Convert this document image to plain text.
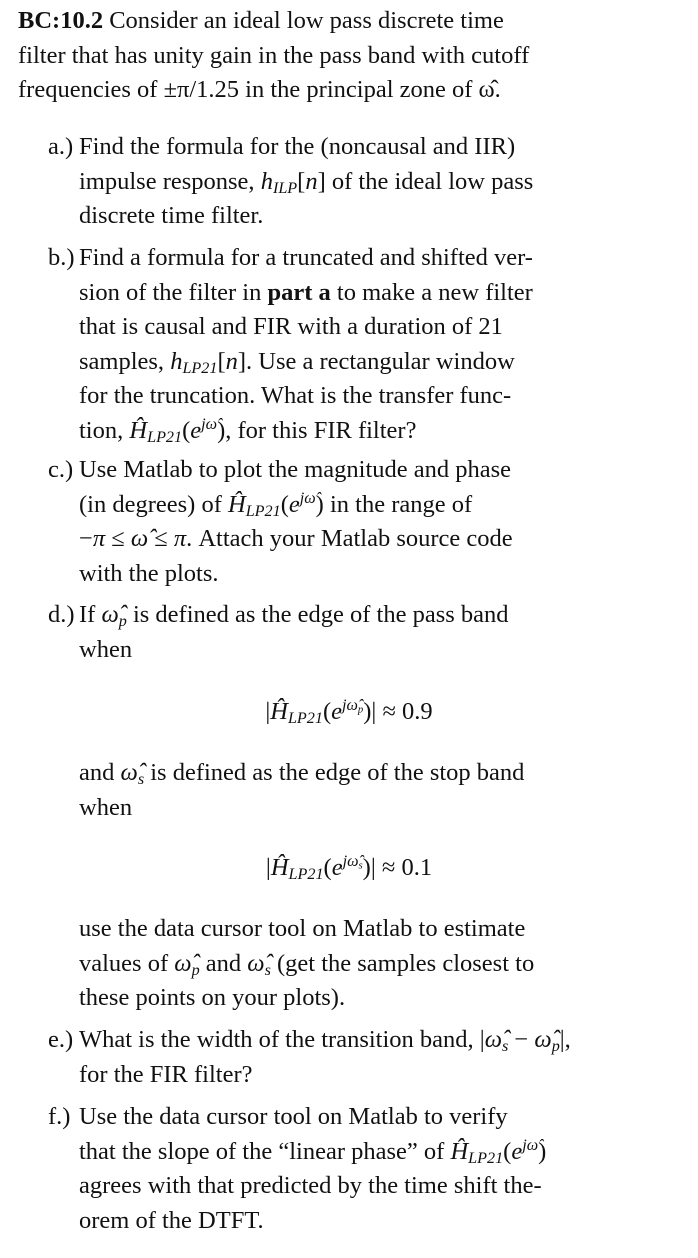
BC:10.2 Consider an ideal low pass discrete time
filter that has unity gain in the pass band with cutoff
frequencies of ±π/1.25 in the principal zone of ω̂.
a.) Find the formula for the (noncausal and IIR)
impulse response, $h_{ILP}[n]$ of the ideal low pass
discrete time filter.
b.) Find a formula for a truncated and shifted ver-
sion of the filter in part a to make a new filter
that is causal and FIR with a duration of 21
samples, $h_{LP21}[n]$. Use a rectangular window
for the truncation. What is the transfer func-
tion, $Ĥ_{LP21}(e^{j\omegâ})$, for this FIR filter?
c.) Use Matlab to plot the magnitude and phase
(in degrees) of $Ĥ_{LP21}(e^{j\omegâ})$ in the range of
−π ≤ ω̂ ≤ π. Attach your Matlab source code
with the plots.
d.) If $\omegâ_p$ is defined as the edge of the pass band
when
$|Ĥ_{LP21}(e^{j\omegâ_p})| \approx 0.9$
and $\omegâ_s$ is defined as the edge of the stop band
when
$|Ĥ_{LP21}(e^{j\omegâ_s})| \approx 0.1$
use the data cursor tool on Matlab to estimate
values of $\omegâ_p$ and $\omegâ_s$ (get the samples closest to
these points on your plots).
e.) What is the width of the transition band, $|\omegâ_s$ − $\omegâ_p|$,
for the FIR filter?
f.) Use the data cursor tool on Matlab to verify
that the slope of the “linear phase” of $Ĥ_{LP21}(e^{j\omegâ})$
agrees with that predicted by the time shift the-
orem of the DTFT.
